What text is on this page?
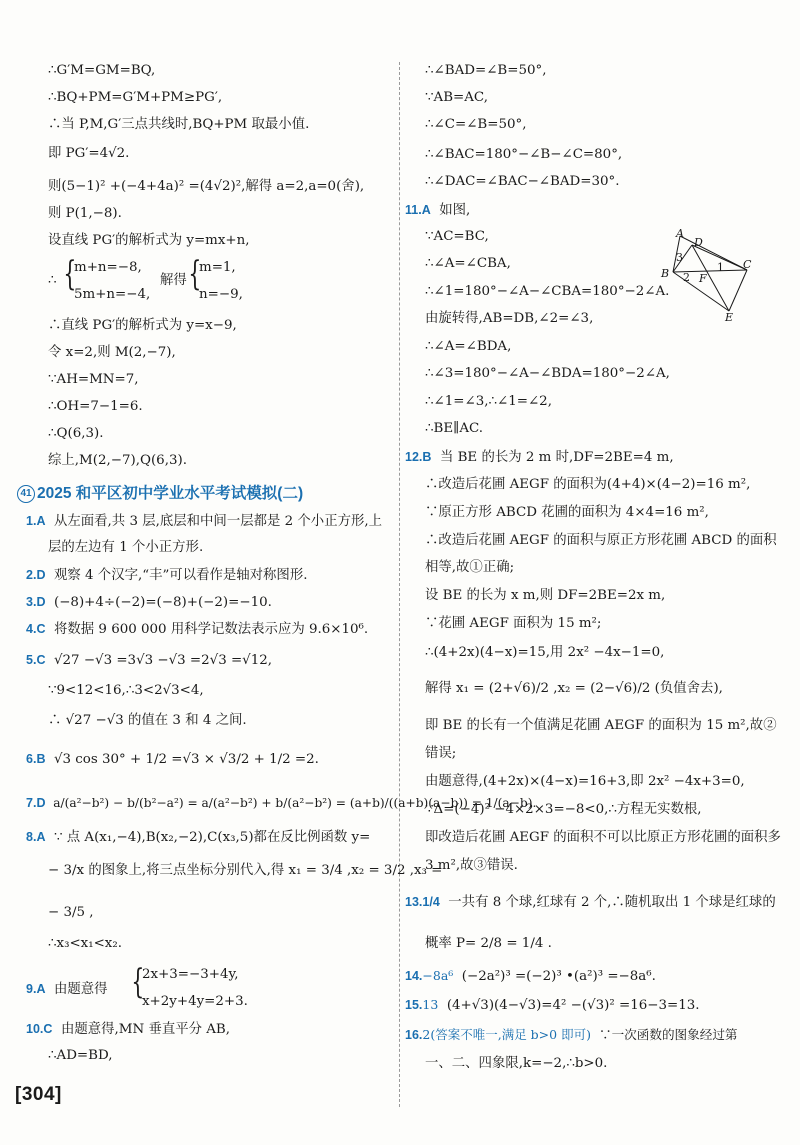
∴G′M=GM=BQ,
∴BQ+PM=G′M+PM≥PG′,
∴当 P,M,G′三点共线时,BQ+PM 取最小值.
即 PG′=4√2.
则(5−1)² +(−4+4a)² =(4√2)²,解得 a=2,a=0(舍),
则 P(1,−8).
设直线 PG′的解析式为 y=mx+n,
∴ {
m+n=−8,
5m+n=−4,
解得 {
m=1,
n=−9,
∴直线 PG′的解析式为 y=x−9,
令 x=2,则 M(2,−7),
∵AH=MN=7,
∴OH=7−1=6.
∴Q(6,3).
综上,M(2,−7),Q(6,3).
41 2025 和平区初中学业水平考试模拟(二)
1.A 从左面看,共 3 层,底层和中间一层都是 2 个小正方形,上
层的左边有 1 个小正方形.
2.D 观察 4 个汉字,“丰”可以看作是轴对称图形.
3.D (−8)+4÷(−2)=(−8)+(−2)=−10.
4.C 将数据 9 600 000 用科学记数法表示应为 9.6×10⁶.
5.C √27 −√3 =3√3 −√3 =2√3 =√12,
∵9<12<16,∴3<2√3<4,
∴ √27 −√3 的值在 3 和 4 之间.
6.B √3 cos 30° + 1/2 =√3 × √3/2 + 1/2 =2.
7.D a/(a²−b²) − b/(b²−a²) = a/(a²−b²) + b/(a²−b²) = (a+b)/((a+b)(a−b)) = 1/(a−b).
8.A ∵ 点 A(x₁,−4),B(x₂,−2),C(x₃,5)都在反比例函数 y=
− 3/x 的图象上,将三点坐标分别代入,得 x₁ = 3/4 ,x₂ = 3/2 ,x₃ =
− 3/5 ,
∴x₃<x₁<x₂.
9.A 由题意得 {
2x+3=−3+4y,
x+2y+4y=2+3.
10.C 由题意得,MN 垂直平分 AB,
∴AD=BD,
∴∠BAD=∠B=50°,
∵AB=AC,
∴∠C=∠B=50°,
∴∠BAC=180°−∠B−∠C=80°,
∴∠DAC=∠BAC−∠BAD=30°.
11.A 如图,
∵AC=BC,
∴∠A=∠CBA,
∴∠1=180°−∠A−∠CBA=180°−2∠A.
由旋转得,AB=DB,∠2=∠3,
∴∠A=∠BDA,
∴∠3=180°−∠A−∠BDA=180°−2∠A,
∴∠1=∠3,∴∠1=∠2,
∴BE∥AC.
A
D
B
3
2 F
1 C
E
12.B 当 BE 的长为 2 m 时,DF=2BE=4 m,
∴改造后花圃 AEGF 的面积为(4+4)×(4−2)=16 m²,
∵原正方形 ABCD 花圃的面积为 4×4=16 m²,
∴改造后花圃 AEGF 的面积与原正方形花圃 ABCD 的面积
相等,故①正确;
设 BE 的长为 x m,则 DF=2BE=2x m,
∵花圃 AEGF 面积为 15 m²;
∴(4+2x)(4−x)=15,用 2x² −4x−1=0,
解得 x₁ = (2+√6)/2 ,x₂ = (2−√6)/2 (负值舍去),
即 BE 的长有一个值满足花圃 AEGF 的面积为 15 m²,故②
错误;
由题意得,(4+2x)×(4−x)=16+3,即 2x² −4x+3=0,
∵Δ=(−4)² −4×2×3=−8<0,∴方程无实数根,
即改造后花圃 AEGF 的面积不可以比原正方形花圃的面积多
3 m²,故③错误.
13.1/4 一共有 8 个球,红球有 2 个,∴随机取出 1 个球是红球的
概率 P= 2/8 = 1/4 .
14.−8a⁶ (−2a²)³ =(−2)³ •(a²)³ =−8a⁶.
15.13 (4+√3)(4−√3)=4² −(√3)² =16−3=13.
16.2(答案不唯一,满足 b>0 即可) ∵一次函数的图象经过第
一、二、四象限,k=−2,∴b>0.
[304]
